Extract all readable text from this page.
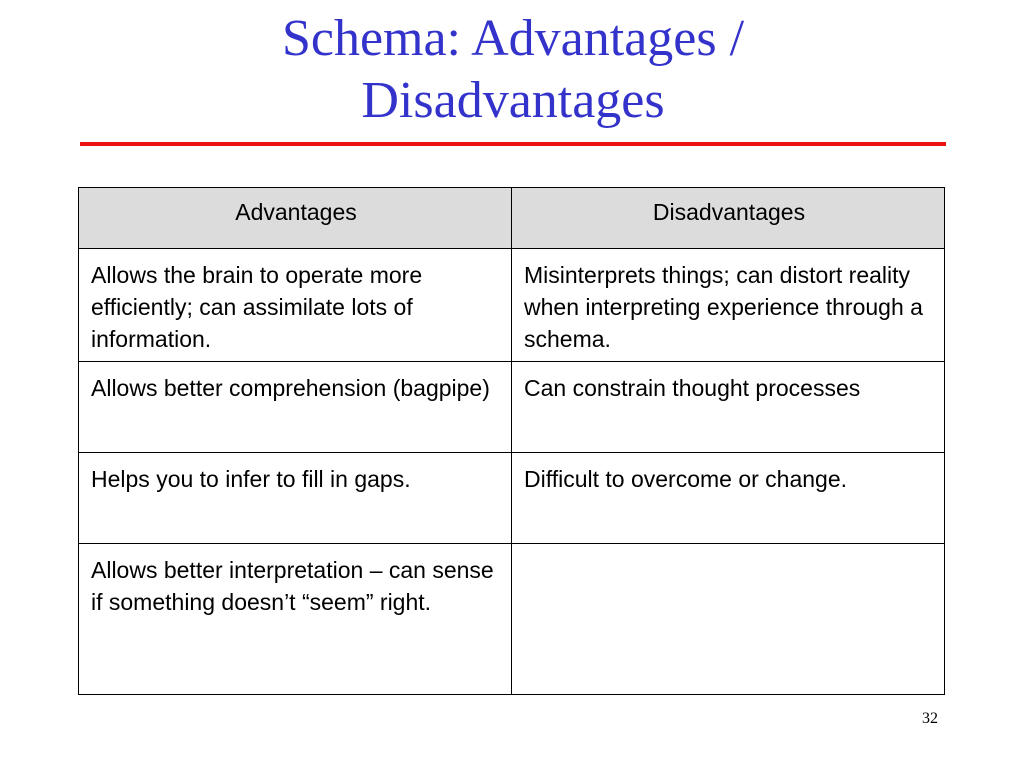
Schema: Advantages /
Disadvantages
Advantages	Disadvantages
Allows the brain to operate more efficiently; can assimilate lots of information.	Misinterprets things; can distort reality when interpreting experience through a schema.
Allows better comprehension (bagpipe)	Can constrain thought processes
Helps you to infer to fill in gaps.	Difficult to overcome or change.
Allows better interpretation – can sense if something doesn’t “seem” right.	
32
